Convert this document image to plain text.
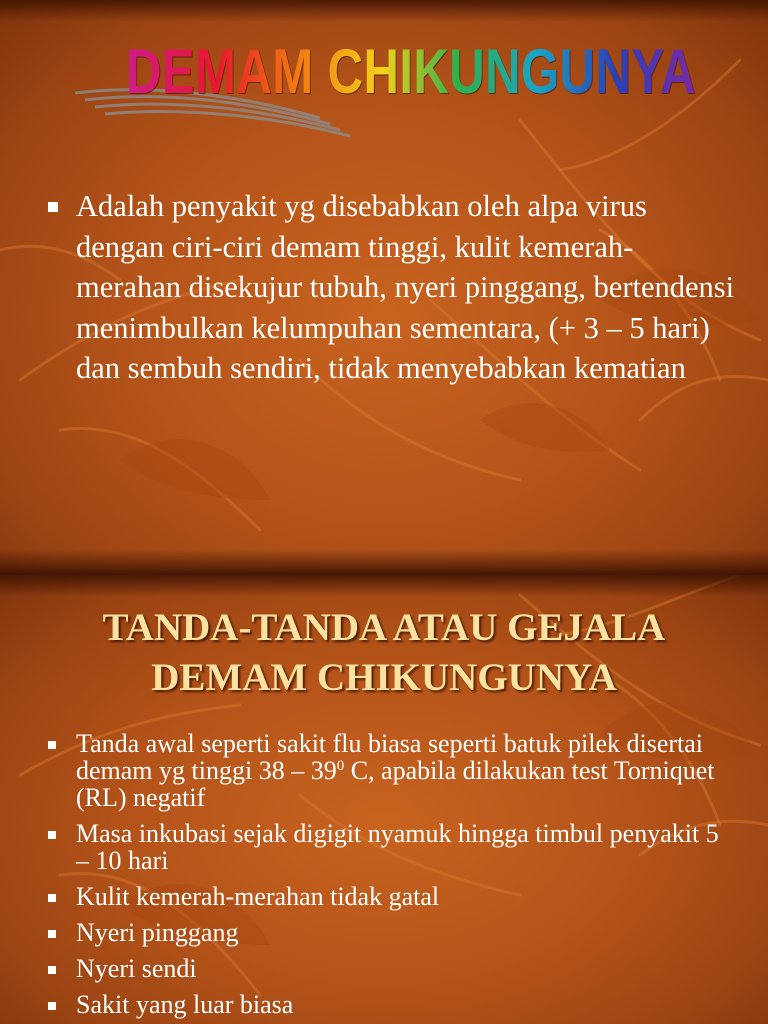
DEMAM CHIKUNGUNYA
Adalah penyakit yg disebabkan oleh alpa virus dengan ciri-ciri demam tinggi, kulit kemerah-merahan disekujur tubuh, nyeri pinggang, bertendensi menimbulkan kelumpuhan sementara, (+ 3 – 5 hari) dan sembuh sendiri, tidak menyebabkan kematian
TANDA-TANDA ATAU GEJALA
DEMAM CHIKUNGUNYA
Tanda awal seperti sakit flu biasa seperti batuk pilek disertai demam yg tinggi $38 - 39^0$ C, apabila dilakukan test Torniquet (RL) negatif
Masa inkubasi sejak digigit nyamuk hingga timbul penyakit 5 – 10 hari
Kulit kemerah-merahan tidak gatal
Nyeri pinggang
Nyeri sendi
Sakit yang luar biasa
